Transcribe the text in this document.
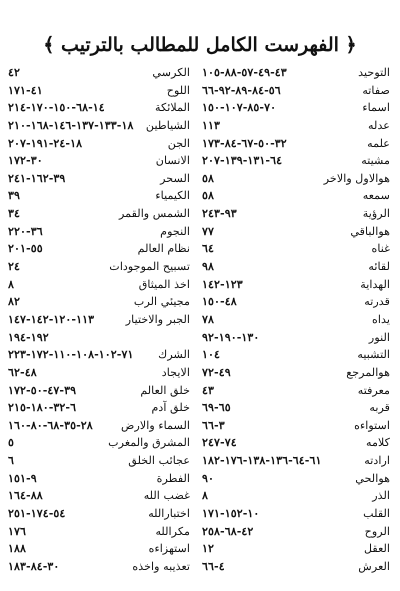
﴿ الفهرست الكامل للمطالب بالترتيب ﴾
التوحيد
٤٣-٤٩-٥٧-٨٨-١٠٥
صفاته
٥٦-٨٤-٨٩-٩٢-٦٦
اسماء
٧٠-٨٥-١٠٧-١٥٠
عدله
١١٣
علمه
٣٢-٥٠-٦٧-٨٤-١٧٣
مشيته
٦٤-١٣١-١٣٩-٢٠٧
هوالاول والاخر
٥٨
سمعه
٥٨
الرؤية
٩٣-٢٤٣
هوالباقي
٧٧
غناه
٦٤
لقائه
٩٨
الهداية
١٢٣-١٤٢
قدرته
٤٨-١٥٠
يداه
٧٨
النور
١٣٠-١٩٠-٩٢
التشبيه
١٠٤
هوالمرجع
٤٩-٧٢
معرفته
٤٣
قربه
٦٥-٦٩
استواءه
٣-٦٦
كلامه
٧٤-٢٤٧
ارادته
٦١-٦٤-١٣٦-١٣٨-١٧٦-١٨٢
هوالحي
٩٠
الذر
٨
القلب
١٠-١٥٢-١٧١
الروح
٤٢-٦٨-٢٥٨
العقل
١٢
العرش
٤-٦٦
الكرسي
٤٢
اللوح
٤١-١٧١
الملائكة
١٤-٦٨-١٥٠-١٧٠-٢١٤
الشياطين
١٨-١٣٣-١٣٧-١٤٦-١٦٨-٢١٠
الجن
١٨-٢٤-١٩١-٢٠٧
الانسان
٣٠-١٧٢
السحر
٣٩-١٦٢-٢٤١
الكيمياء
٣٩
الشمس والقمر
٣٤
النجوم
٣٦-٢٢٠
نظام العالم
٥٥-٢٠١
تسبيح الموجودات
٢٤
اخذ الميثاق
٨
مجيئي الرب
٨٢
الجبر والاختيار
١١٣-١٢٠-١٤٢-١٤٧
١٩٢-١٩٤
الشرك
٧١-١٠٢-١٠٨-١١٠-١٧٢-٢٢٣
الايجاد
٤٨-٦٢
خلق العالم
٣٩-٤٧-٥٠-١٧٢
خلق آدم
٦-٣٢-١٨٠-٢١٥
السماء والارض
٢٨-٣٥-٦٨-٨٠-١٦٠
المشرق والمغرب
٥
عجائب الخلق
٦
الفطرة
٩-١٥١
غضب الله
٨٨-١٦٤
اختبارالله
٥٤-١٧٤-٢٥١
مكرالله
١٧٦
استهزاءه
١٨٨
تعذيبه واخذه
٣٠-٨٤-١٨٣
